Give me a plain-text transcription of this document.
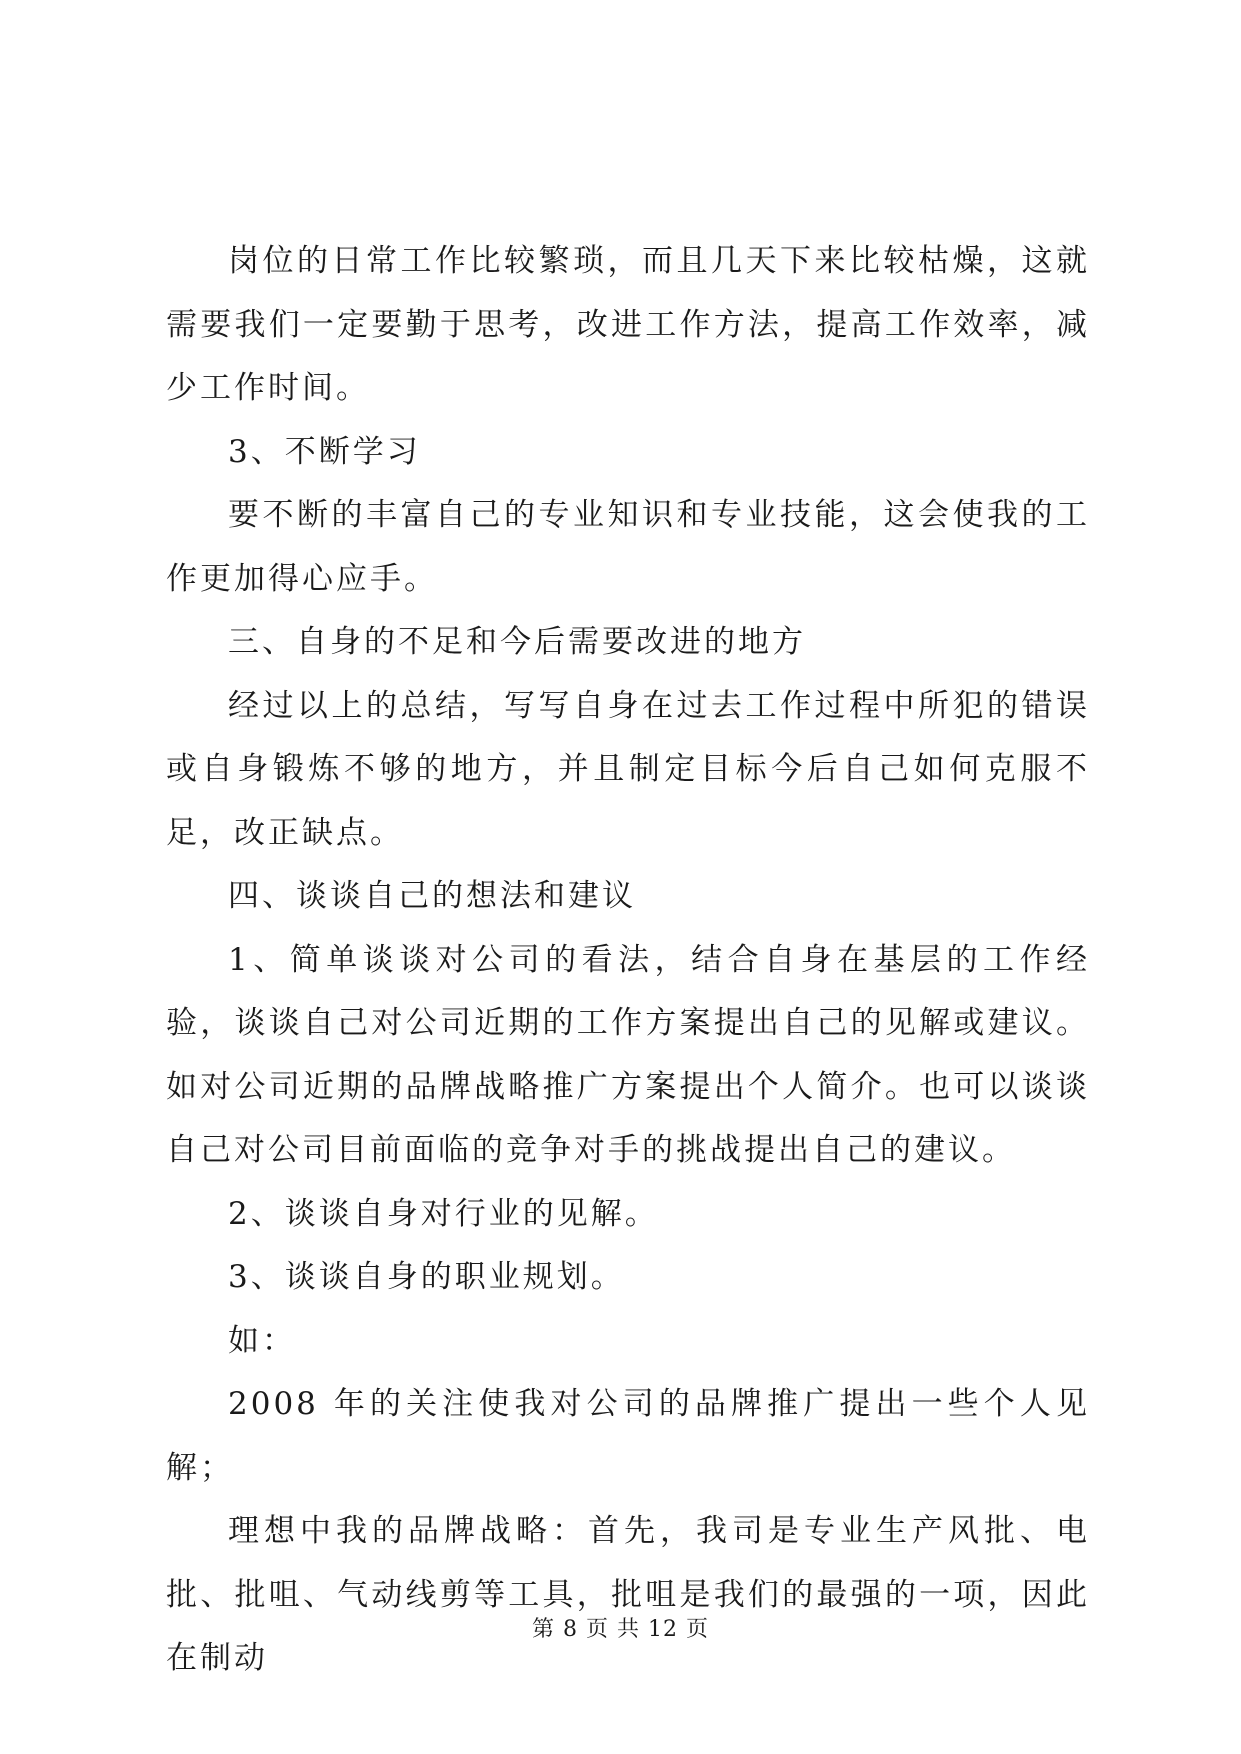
岗位的日常工作比较繁琐，而且几天下来比较枯燥，这就需要我们一定要勤于思考，改进工作方法，提高工作效率，减少工作时间。

3、不断学习

要不断的丰富自己的专业知识和专业技能，这会使我的工作更加得心应手。

三、自身的不足和今后需要改进的地方

经过以上的总结，写写自身在过去工作过程中所犯的错误或自身锻炼不够的地方，并且制定目标今后自己如何克服不足，改正缺点。

四、谈谈自己的想法和建议

1、简单谈谈对公司的看法，结合自身在基层的工作经验，谈谈自己对公司近期的工作方案提出自己的见解或建议。如对公司近期的品牌战略推广方案提出个人简介。也可以谈谈自己对公司目前面临的竞争对手的挑战提出自己的建议。

2、谈谈自身对行业的见解。

3、谈谈自身的职业规划。

如：

2008 年的关注使我对公司的品牌推广提出一些个人见解；

理想中我的品牌战略：首先，我司是专业生产风批、电批、批咀、气动线剪等工具，批咀是我们的最强的一项，因此在制动

第 8 页 共 12 页
